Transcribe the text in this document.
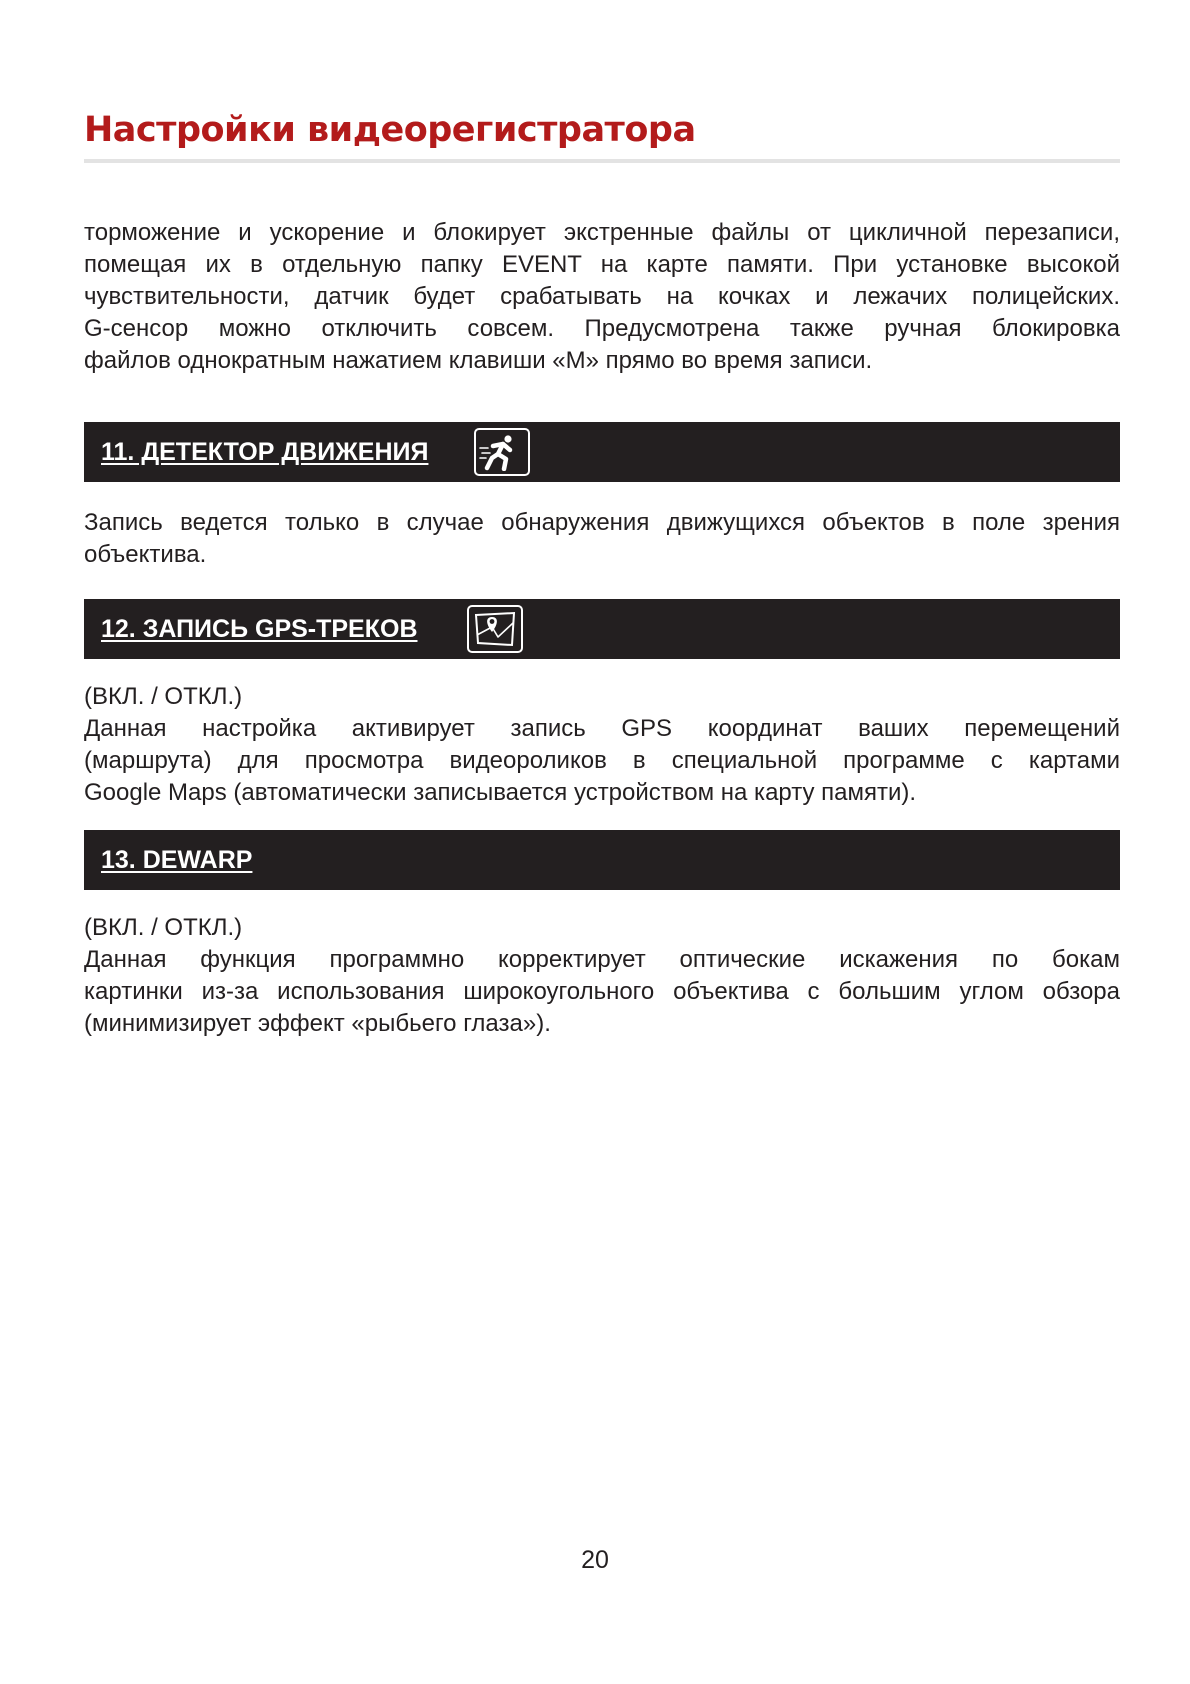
Настройки видеорегистратора

торможение и ускорение и блокирует экстренные файлы от цикличной перезаписи,
помещая их в отдельную папку EVENT на карте памяти. При установке высокой
чувствительности, датчик будет срабатывать на кочках и лежачих полицейских.
G-сенсор можно отключить совсем. Предусмотрена также ручная блокировка
файлов однократным нажатием клавиши «М» прямо во время записи.

11. ДЕТЕКТОР ДВИЖЕНИЯ

Запись ведется только в случае обнаружения движущихся объектов в поле зрения
объектива.

12. ЗАПИСЬ GPS-ТРЕКОВ

(ВКЛ. / ОТКЛ.)
Данная настройка активирует запись GPS координат ваших перемещений
(маршрута) для просмотра видеороликов в специальной программе с картами
Google Maps (автоматически записывается устройством на карту памяти).

13. DEWARP

(ВКЛ. / ОТКЛ.)
Данная функция программно корректирует оптические искажения по бокам
картинки из-за использования широкоугольного объектива с большим углом обзора
(минимизирует эффект «рыбьего глаза»).

20
